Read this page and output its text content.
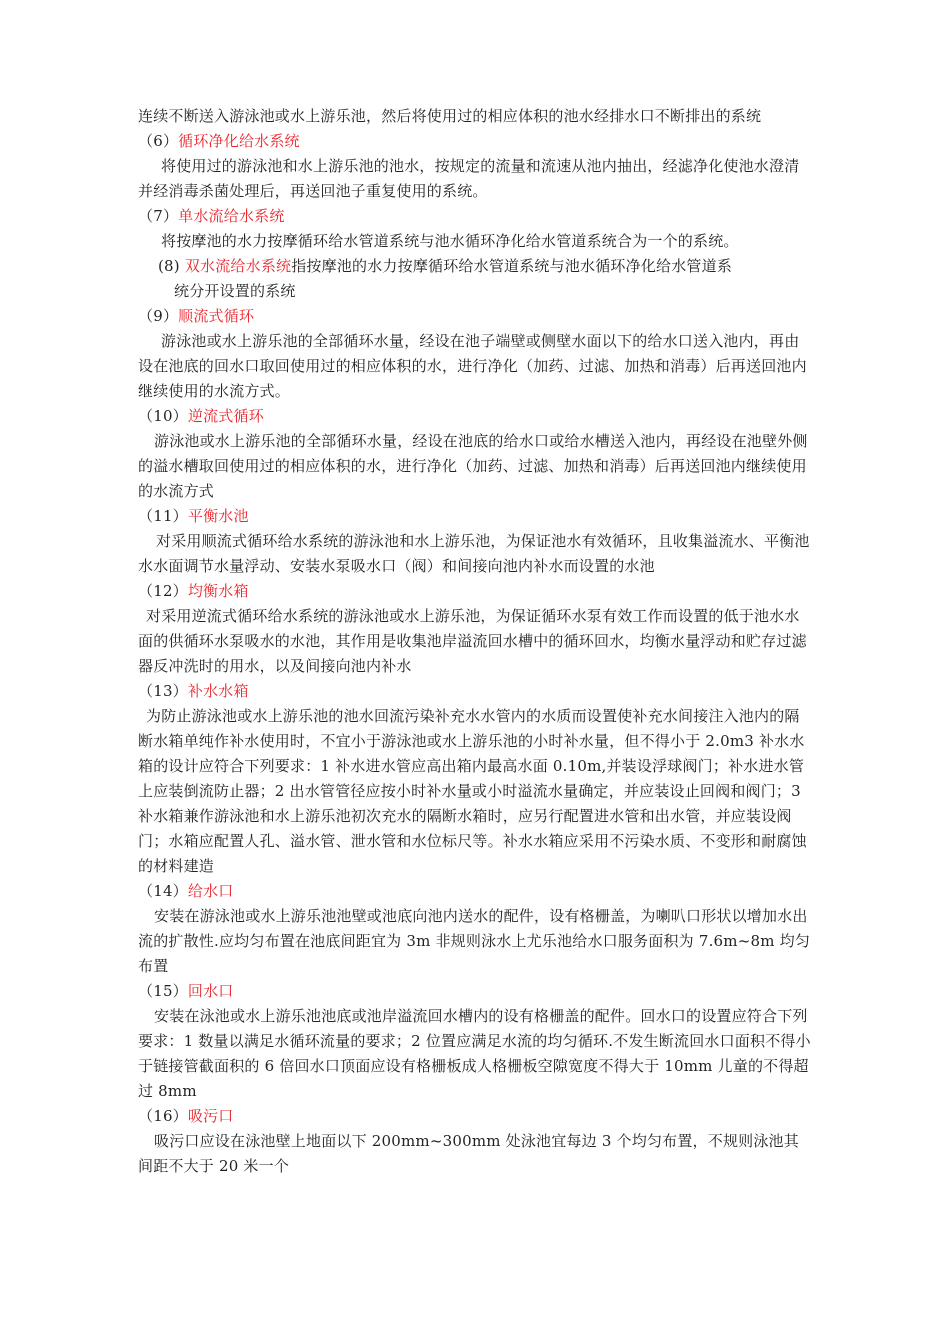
连续不断送入游泳池或水上游乐池，然后将使用过的相应体积的池水经排水口不断排出的系统

（6）循环净化给水系统

将使用过的游泳池和水上游乐池的池水，按规定的流量和流速从池内抽出，经滤净化使池水澄清并经消毒杀菌处理后，再送回池子重复使用的系统。

（7）单水流给水系统

将按摩池的水力按摩循环给水管道系统与池水循环净化给水管道系统合为一个的系统。

(8) 双水流给水系统指按摩池的水力按摩循环给水管道系统与池水循环净化给水管道系
统分开设置的系统

（9）顺流式循环

游泳池或水上游乐池的全部循环水量，经设在池子端壁或侧壁水面以下的给水口送入池内，再由设在池底的回水口取回使用过的相应体积的水，进行净化（加药、过滤、加热和消毒）后再送回池内继续使用的水流方式。

（10）逆流式循环

游泳池或水上游乐池的全部循环水量，经设在池底的给水口或给水槽送入池内，再经设在池壁外侧的溢水槽取回使用过的相应体积的水，进行净化（加药、过滤、加热和消毒）后再送回池内继续使用的水流方式

（11）平衡水池

对采用顺流式循环给水系统的游泳池和水上游乐池，为保证池水有效循环，且收集溢流水、平衡池水水面调节水量浮动、安装水泵吸水口（阀）和间接向池内补水而设置的水池

（12）均衡水箱

对采用逆流式循环给水系统的游泳池或水上游乐池，为保证循环水泵有效工作而设置的低于池水水面的供循环水泵吸水的水池，其作用是收集池岸溢流回水槽中的循环回水，均衡水量浮动和贮存过滤器反冲洗时的用水，以及间接向池内补水

（13）补水水箱

为防止游泳池或水上游乐池的池水回流污染补充水水管内的水质而设置使补充水间接注入池内的隔断水箱单纯作补水使用时，不宜小于游泳池或水上游乐池的小时补水量，但不得小于 2.0m3 补水水箱的设计应符合下列要求：1 补水进水管应高出箱内最高水面 0.10m,并装设浮球阀门；补水进水管上应装倒流防止器；2 出水管管径应按小时补水量或小时溢流水量确定，并应装设止回阀和阀门；3 补水箱兼作游泳池和水上游乐池初次充水的隔断水箱时，应另行配置进水管和出水管，并应装设阀门；水箱应配置人孔、溢水管、泄水管和水位标尺等。补水水箱应采用不污染水质、不变形和耐腐蚀的材料建造

（14）给水口

安装在游泳池或水上游乐池池壁或池底向池内送水的配件，设有格栅盖，为喇叭口形状以增加水出流的扩散性.应均匀布置在池底间距宜为 3m 非规则泳水上尤乐池给水口服务面积为 7.6m~8m 均匀布置

（15）回水口

安装在泳池或水上游乐池池底或池岸溢流回水槽内的设有格栅盖的配件。回水口的设置应符合下列要求：1 数量以满足水循环流量的要求；2 位置应满足水流的均匀循环.不发生断流回水口面积不得小于链接管截面积的 6 倍回水口顶面应设有格栅板成人格栅板空隙宽度不得大于 10mm 儿童的不得超过 8mm

（16）吸污口

吸污口应设在泳池壁上地面以下 200mm~300mm 处泳池宜每边 3 个均匀布置，不规则泳池其间距不大于 20 米一个
